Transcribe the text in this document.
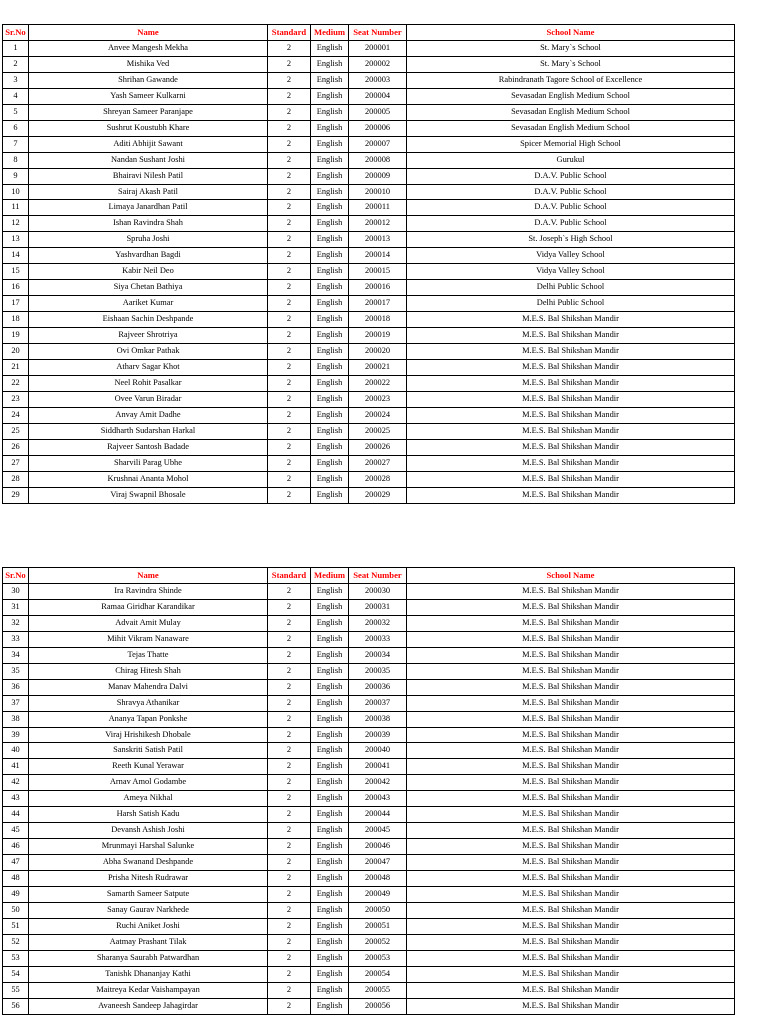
Sr.No	Name	Standard	Medium	Seat Number	School Name
1	Anvee Mangesh Mekha	2	English	200001	St. Mary`s School
2	Mishika Ved	2	English	200002	St. Mary`s School
3	Shrihan Gawande	2	English	200003	Rabindranath Tagore School of Excellence
4	Yash Sameer Kulkarni	2	English	200004	Sevasadan English Medium School
5	Shreyan Sameer Paranjape	2	English	200005	Sevasadan English Medium School
6	Sushrut Koustubh Khare	2	English	200006	Sevasadan English Medium School
7	Aditi Abhijit Sawant	2	English	200007	Spicer Memorial High School
8	Nandan Sushant Joshi	2	English	200008	Gurukul
9	Bhairavi Nilesh Patil	2	English	200009	D.A.V. Public School
10	Sairaj Akash Patil	2	English	200010	D.A.V. Public School
11	Limaya Janardhan Patil	2	English	200011	D.A.V. Public School
12	Ishan Ravindra Shah	2	English	200012	D.A.V. Public School
13	Spruha Joshi	2	English	200013	St. Joseph`s High School
14	Yashvardhan Bagdi	2	English	200014	Vidya Valley School
15	Kabir Neil Deo	2	English	200015	Vidya Valley School
16	Siya Chetan Bathiya	2	English	200016	Delhi Public School
17	Aariket Kumar	2	English	200017	Delhi Public School
18	Eishaan Sachin Deshpande	2	English	200018	M.E.S. Bal Shikshan Mandir
19	Rajveer Shrotriya	2	English	200019	M.E.S. Bal Shikshan Mandir
20	Ovi Omkar Pathak	2	English	200020	M.E.S. Bal Shikshan Mandir
21	Atharv Sagar Khot	2	English	200021	M.E.S. Bal Shikshan Mandir
22	Neel Rohit Pasalkar	2	English	200022	M.E.S. Bal Shikshan Mandir
23	Ovee Varun Biradar	2	English	200023	M.E.S. Bal Shikshan Mandir
24	Anvay Amit Dadhe	2	English	200024	M.E.S. Bal Shikshan Mandir
25	Siddharth Sudarshan Harkal	2	English	200025	M.E.S. Bal Shikshan Mandir
26	Rajveer Santosh Badade	2	English	200026	M.E.S. Bal Shikshan Mandir
27	Sharvili Parag Ubhe	2	English	200027	M.E.S. Bal Shikshan Mandir
28	Krushnai Ananta Mohol	2	English	200028	M.E.S. Bal Shikshan Mandir
29	Viraj Swapnil Bhosale	2	English	200029	M.E.S. Bal Shikshan Mandir
Sr.No	Name	Standard	Medium	Seat Number	School Name
30	Ira Ravindra Shinde	2	English	200030	M.E.S. Bal Shikshan Mandir
31	Ramaa Giridhar Karandikar	2	English	200031	M.E.S. Bal Shikshan Mandir
32	Advait Amit Mulay	2	English	200032	M.E.S. Bal Shikshan Mandir
33	Mihit Vikram Nanaware	2	English	200033	M.E.S. Bal Shikshan Mandir
34	Tejas Thatte	2	English	200034	M.E.S. Bal Shikshan Mandir
35	Chirag Hitesh Shah	2	English	200035	M.E.S. Bal Shikshan Mandir
36	Manav Mahendra Dalvi	2	English	200036	M.E.S. Bal Shikshan Mandir
37	Shravya Athanikar	2	English	200037	M.E.S. Bal Shikshan Mandir
38	Ananya Tapan Ponkshe	2	English	200038	M.E.S. Bal Shikshan Mandir
39	Viraj Hrishikesh Dhobale	2	English	200039	M.E.S. Bal Shikshan Mandir
40	Sanskriti Satish Patil	2	English	200040	M.E.S. Bal Shikshan Mandir
41	Reeth Kunal Yerawar	2	English	200041	M.E.S. Bal Shikshan Mandir
42	Arnav Amol Godambe	2	English	200042	M.E.S. Bal Shikshan Mandir
43	Ameya Nikhal	2	English	200043	M.E.S. Bal Shikshan Mandir
44	Harsh Satish Kadu	2	English	200044	M.E.S. Bal Shikshan Mandir
45	Devansh Ashish Joshi	2	English	200045	M.E.S. Bal Shikshan Mandir
46	Mrunmayi Harshal Salunke	2	English	200046	M.E.S. Bal Shikshan Mandir
47	Abha Swanand Deshpande	2	English	200047	M.E.S. Bal Shikshan Mandir
48	Prisha Nitesh Rudrawar	2	English	200048	M.E.S. Bal Shikshan Mandir
49	Samarth Sameer Satpute	2	English	200049	M.E.S. Bal Shikshan Mandir
50	Sanay Gaurav Narkhede	2	English	200050	M.E.S. Bal Shikshan Mandir
51	Ruchi Aniket Joshi	2	English	200051	M.E.S. Bal Shikshan Mandir
52	Aatmay Prashant Tilak	2	English	200052	M.E.S. Bal Shikshan Mandir
53	Sharanya Saurabh Patwardhan	2	English	200053	M.E.S. Bal Shikshan Mandir
54	Tanishk Dhananjay Kathi	2	English	200054	M.E.S. Bal Shikshan Mandir
55	Maitreya Kedar Vaishampayan	2	English	200055	M.E.S. Bal Shikshan Mandir
56	Avaneesh Sandeep Jahagirdar	2	English	200056	M.E.S. Bal Shikshan Mandir
